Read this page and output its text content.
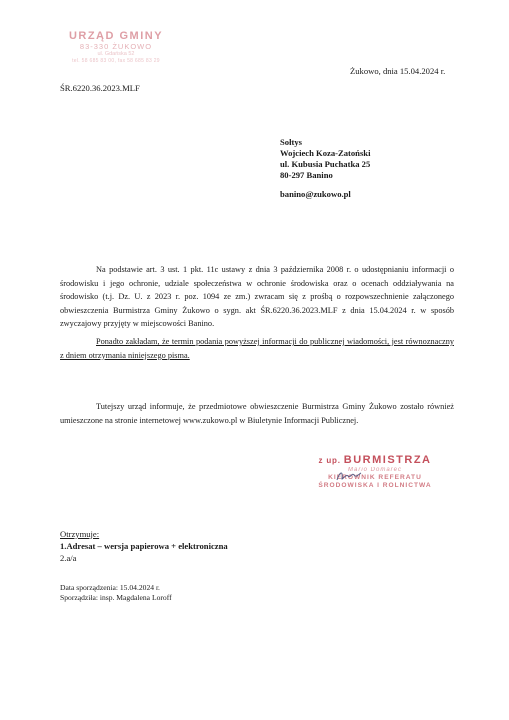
URZĄD GMINY
83-330 ŻUKOWO
ul. Gdańska 52
tel. 58 685 83 00, fax 58 685 83 29
Żukowo, dnia 15.04.2024 r.
ŚR.6220.36.2023.MLF
Sołtys
Wojciech Koza-Zatoński
ul. Kubusia Puchatka 25
80-297 Banino
banino@zukowo.pl
Na podstawie art. 3 ust. 1 pkt. 11c ustawy z dnia 3 października 2008 r. o udostępnianiu informacji o środowisku i jego ochronie, udziale społeczeństwa w ochronie środowiska oraz o ocenach oddziaływania na środowisko (t.j. Dz. U. z 2023 r. poz. 1094 ze zm.) zwracam się z prośbą o rozpowszechnienie załączonego obwieszczenia Burmistrza Gminy Żukowo o sygn. akt ŚR.6220.36.2023.MLF z dnia 15.04.2024 r. w sposób zwyczajowy przyjęty w miejscowości Banino.
Ponadto zakładam, że termin podania powyższej informacji do publicznej wiadomości, jest równoznaczny z dniem otrzymania niniejszego pisma.
Tutejszy urząd informuje, że przedmiotowe obwieszczenie Burmistrza Gminy Żukowo zostało również umieszczone na stronie internetowej www.zukowo.pl w Biuletynie Informacji Publicznej.
z up. BURMISTRZA
Mario Domarec
KIEROWNIK REFERATU
ŚRODOWISKA I ROLNICTWA
Otrzymuje:
1.Adresat – wersja papierowa + elektroniczna
2.a/a
Data sporządzenia: 15.04.2024 r.
Sporządziła: insp. Magdalena Loroff
